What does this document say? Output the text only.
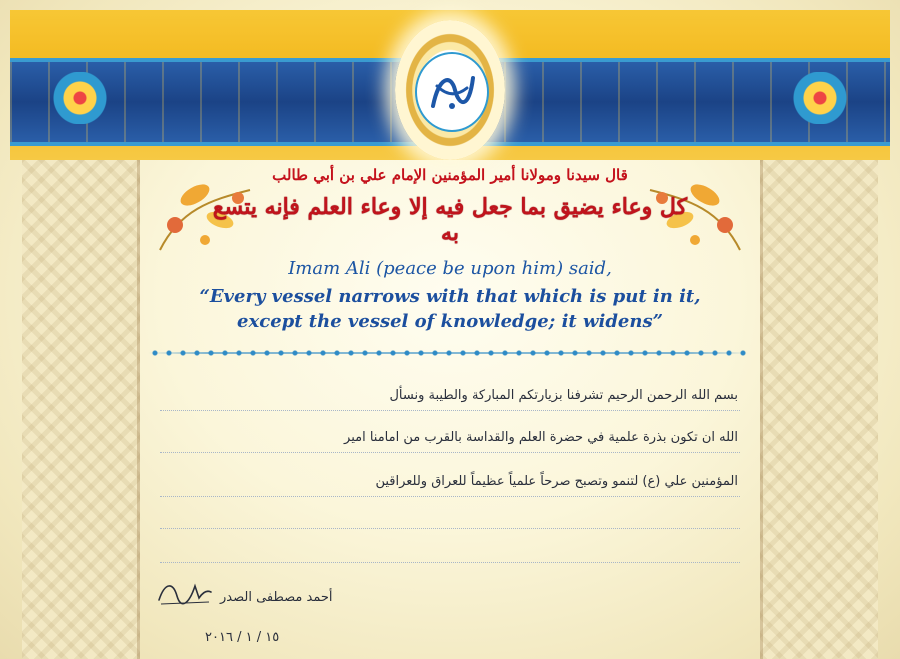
قال سيدنا ومولانا أمير المؤمنين الإمام علي بن أبي طالب
كل وعاء يضيق بما جعل فيه إلا وعاء العلم فإنه يتسع به
Imam Ali (peace be upon him) said,
“Every vessel narrows with that which is put in it,
except the vessel of knowledge; it widens”
بسم الله الرحمن الرحيم تشرفنا بزيارتكم المباركة والطيبة ونسأل
الله ان تكون بذرة علمية في حضرة العلم والقداسة بالقرب من امامنا امير
المؤمنين علي (ع) لتنمو وتصبح صرحاً علمياً عظيماً للعراق وللعراقين
أحمد مصطفى الصدر
١٥ / ١ / ٢٠١٦
